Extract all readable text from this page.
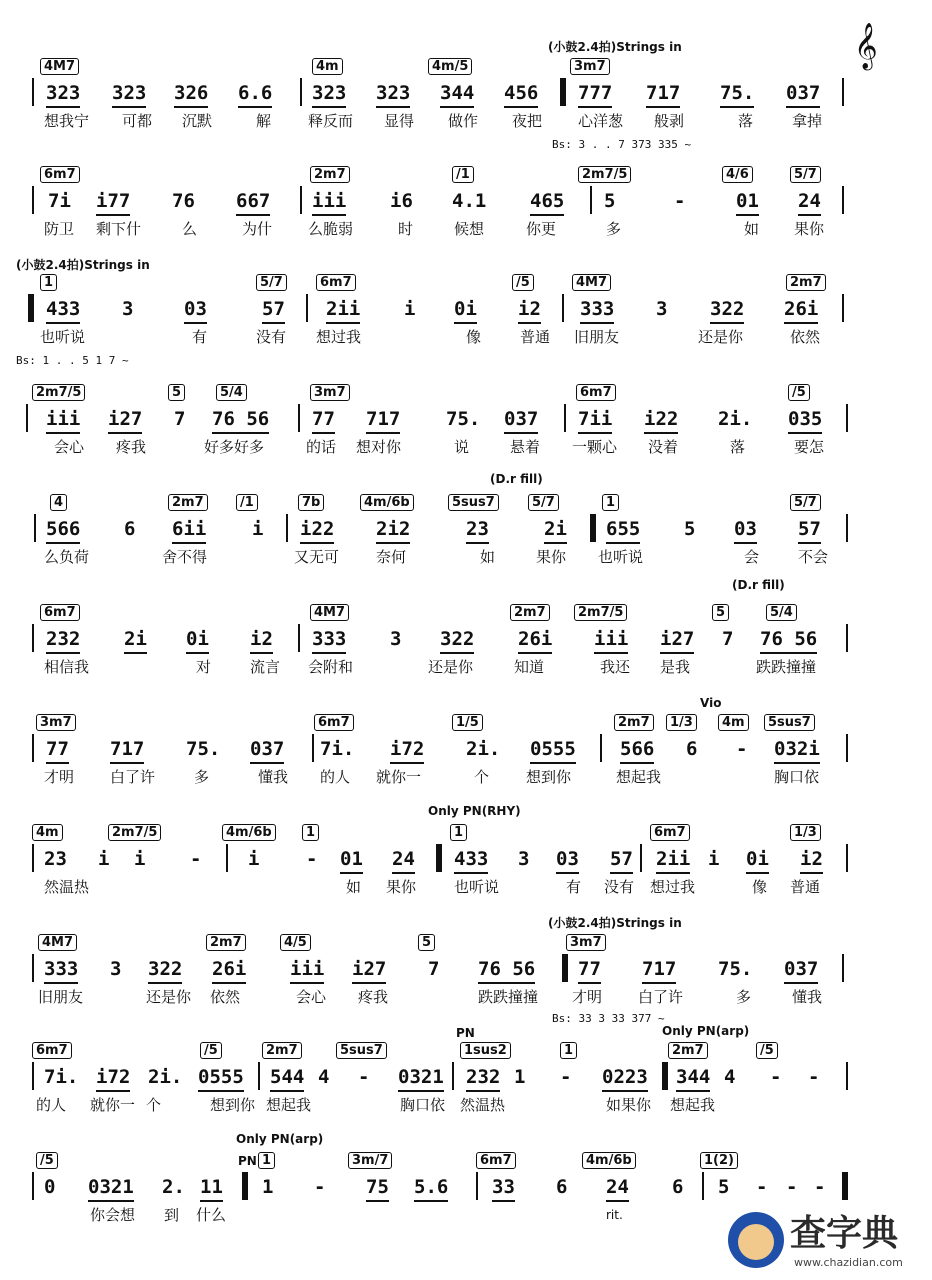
𝄞
(小鼓2.4拍)Strings in
4M7	4m	4m/5	3m7
323 323 326 6.6 323 323 344 456 777 717 75. 037
想我宁 可都 沉默	解 释反而 显得 做作 夜把 心洋葱 般剥	落	拿掉
Bs: 3 . . 7 373 335 ~
6m7	2m7	/1	2m7/5	4/6	5/7
7i i77 76 667 iii i6 4.1 465 5	-	01 24
防卫 剩下什	么	为什 么脆弱	时	候想	你更	多	如 果你
(小鼓2.4拍)Strings in
1	5/7	6m7	/5	4M7	2m7
433 3	03	57 2ii i 0i i2 333 3 322 26i
也听说	有	没有 想过我	像	普通 旧朋友	还是你	依然
Bs: 1 . . 5 1 7 ~
2m7/5	5	5/4	3m7	6m7	/5
iii i27 7 76 56 77 717 75. 037 7ii i22 2i. 035
会心 疼我	好多好多	的话 想对你	说	悬着 一颗心 没着	落	要怎
(D.r fill)
4	2m7	/1	7b	4m/6b	5sus7	5/7	1	5/7
566 6 6ii i i22 2i2	23	2i 655 5 03 57
么负荷	舍不得	又无可 奈何	如	果你 也听说	会	不会
(D.r fill)
6m7	4M7	2m7	2m7/5	5	5/4
232 2i 0i i2 333 3 322 26i iii i27 7 76 56
相信我	对	流言 会附和	还是你	知道	我还 是我	跌跌撞撞
Vio
3m7	6m7	1/5	2m7	1/3	4m	5sus7
77 717 75. 037 7i. i72 2i. 0555 566 6 - 032i
才明 白了许	多	懂我 的人 就你一	个 想到你	想起我	胸口依
Only PN(RHY)
4m	2m7/5	4m/6b	1	1	6m7	1/3
23 i i - i - 01 24 433 3 03 57 2ii i 0i i2
然温热	如 果你	也听说	有 没有 想过我	像 普通
(小鼓2.4拍)Strings in
4M7	2m7	4/5	5	3m7
333 3 322 26i iii i27 7 76 56 77 717 75. 037
旧朋友	还是你 依然	会心 疼我	跌跌撞撞 才明 白了许	多	懂我
Bs: 33 3 33 377 ~
Only PN(arp)
PN
6m7	/5	2m7	5sus7	1sus2	1	2m7	/5
7i. i72 2i. 0555 544 4 - 0321 232 1 - 0223 344 4 - -
的人 就你一 个	想到你 想起我	胸口依 然温热	如果你 想起我
Only PN(arp)
/5	PN 1	3m/7	6m7	4m/6b	1(2)
0 0321 2. 11 1 - 75 5.6 33 6 24 6 5 - - -
你会想 到 什么	rit.	查字典
www.chazidian.com
